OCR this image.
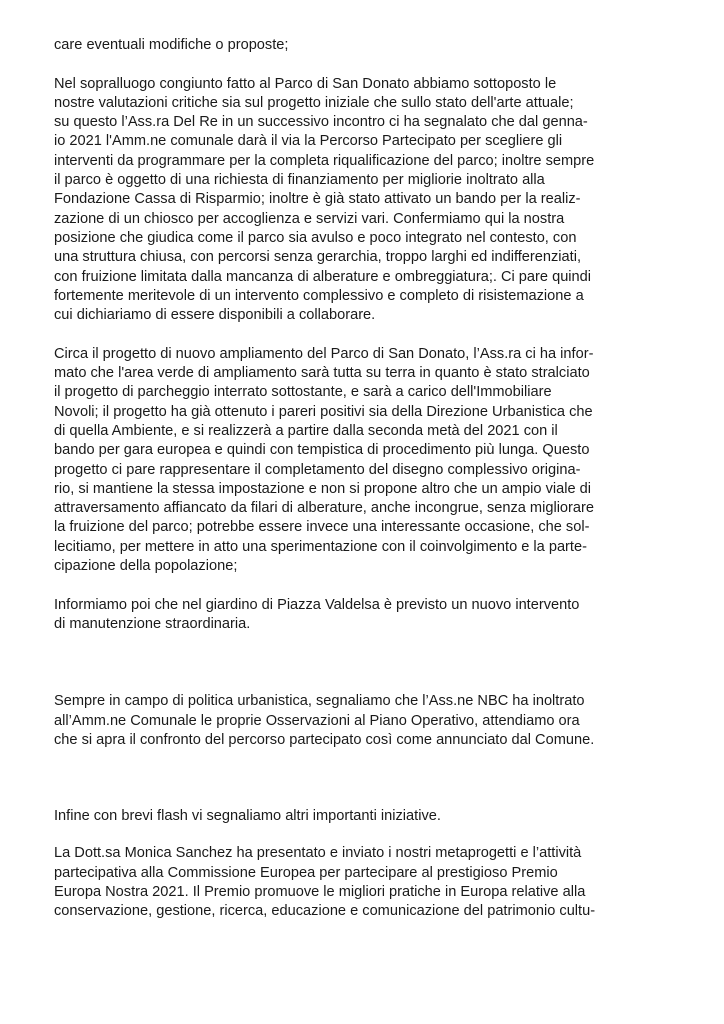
care eventuali modifiche o proposte;
Nel sopralluogo congiunto fatto al Parco di San Donato abbiamo sottoposto le
nostre valutazioni critiche sia sul progetto iniziale che sullo stato dell'arte attuale;
su questo l’Ass.ra Del Re in un successivo incontro ci ha segnalato che dal genna-
io 2021 l'Amm.ne comunale darà il via la Percorso Partecipato per scegliere gli
interventi da programmare per la completa riqualificazione del parco; inoltre sempre
il parco è oggetto di una richiesta di finanziamento per migliorie inoltrato alla
Fondazione Cassa di Risparmio; inoltre è già stato attivato un bando per la realiz-
zazione di un chiosco per accoglienza e servizi vari. Confermiamo qui la nostra
posizione che giudica come il parco sia avulso e poco integrato nel contesto, con
una struttura chiusa, con percorsi senza gerarchia, troppo larghi ed indifferenziati,
con fruizione limitata dalla mancanza di alberature e ombreggiatura;. Ci pare quindi
fortemente meritevole di un intervento complessivo e completo di risistemazione a
cui dichiariamo di essere disponibili a collaborare.
Circa il progetto di nuovo ampliamento del Parco di San Donato, l’Ass.ra ci ha infor-
mato che l'area verde di ampliamento sarà tutta su terra in quanto è stato stralciato
il progetto di parcheggio interrato sottostante, e sarà a carico dell'Immobiliare
Novoli; il progetto ha già ottenuto i pareri positivi sia della Direzione Urbanistica che
di quella Ambiente, e si realizzerà a partire dalla seconda metà del 2021 con il
bando per gara europea e quindi con tempistica di procedimento più lunga. Questo
progetto ci pare rappresentare il completamento del disegno complessivo origina-
rio, si mantiene la stessa impostazione e non si propone altro che un ampio viale di
attraversamento affiancato da filari di alberature, anche incongrue, senza migliorare
la fruizione del parco; potrebbe essere invece una interessante occasione, che sol-
lecitiamo, per mettere in atto una sperimentazione con il coinvolgimento e la parte-
cipazione della popolazione;
Informiamo poi che nel giardino di Piazza Valdelsa è previsto un nuovo intervento
di manutenzione straordinaria.
Sempre in campo di politica urbanistica, segnaliamo che l’Ass.ne NBC ha inoltrato
all’Amm.ne Comunale le proprie Osservazioni al Piano Operativo, attendiamo ora
che si apra il confronto del percorso partecipato così come annunciato dal Comune.
Infine con brevi flash vi segnaliamo altri importanti iniziative.
La Dott.sa Monica Sanchez ha presentato e inviato i nostri metaprogetti e l’attività
partecipativa alla Commissione Europea per partecipare al prestigioso Premio
Europa Nostra 2021. Il Premio promuove le migliori pratiche in Europa relative alla
conservazione, gestione, ricerca, educazione e comunicazione del patrimonio cultu-
